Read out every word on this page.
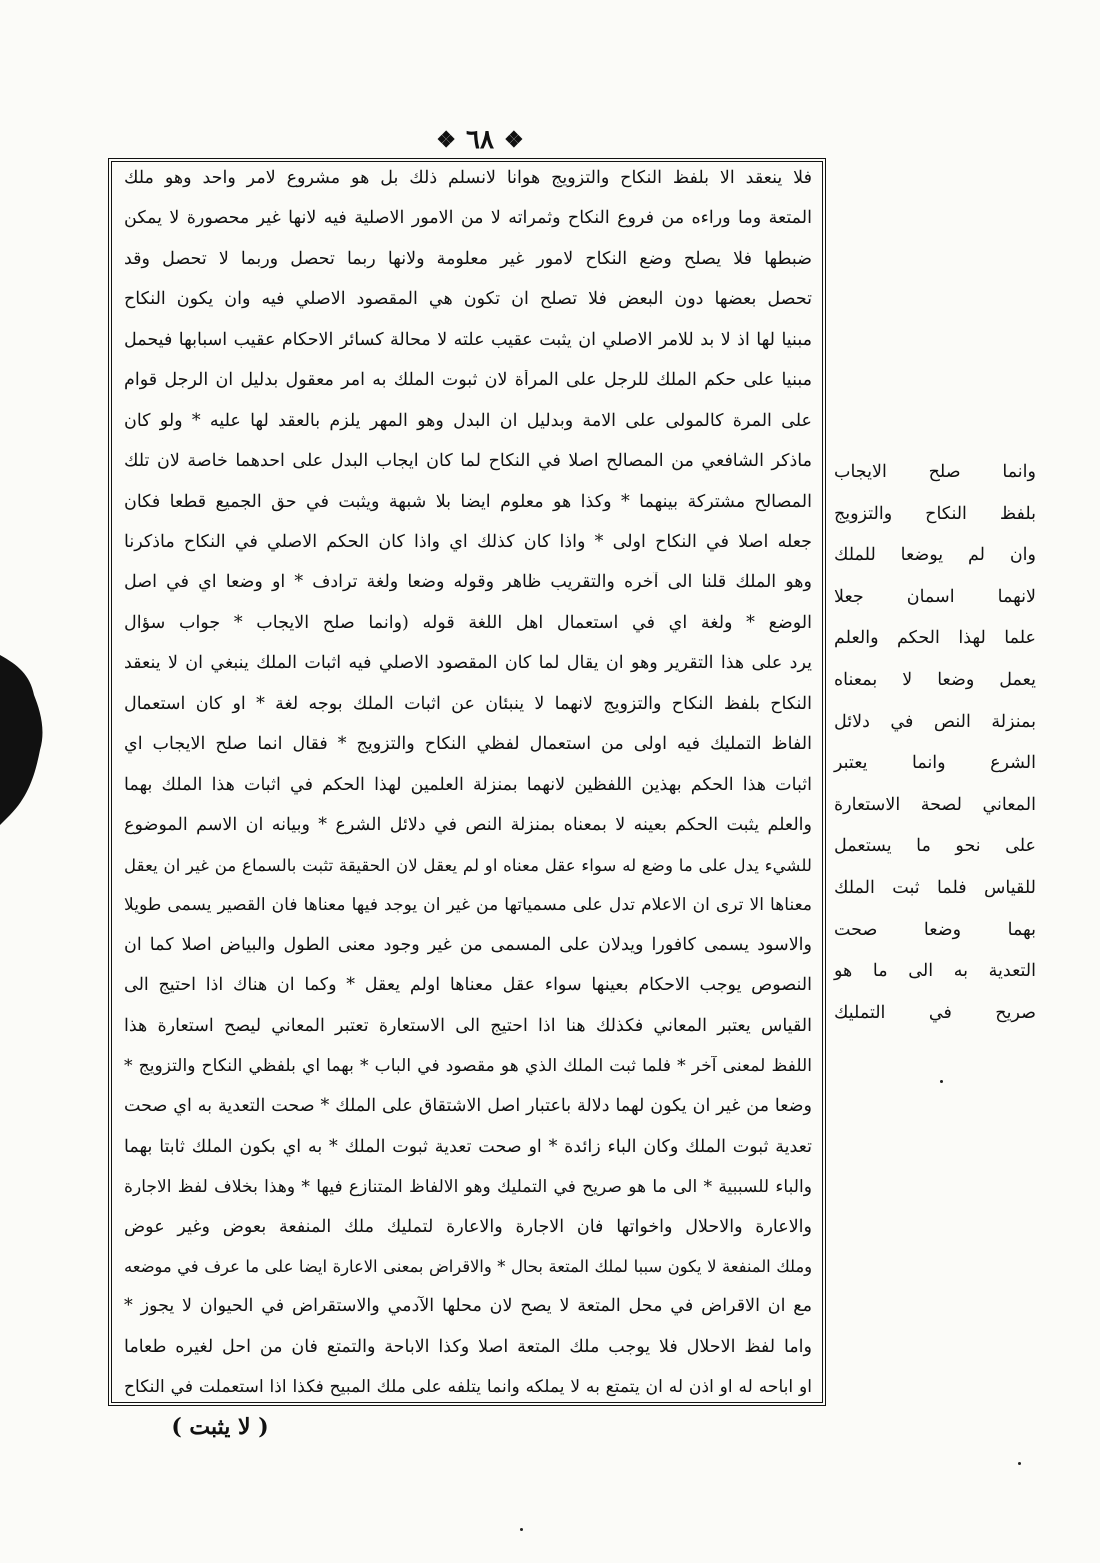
❖ ٦٨ ❖
فلا ينعقد الا بلفظ النكاح والتزويج هوانا لانسلم ذلك بل هو مشروع لامر واحد وهو ملك
المتعة وما وراءه من فروع النكاح وثمراته لا من الامور الاصلية فيه لانها غير محصورة لا يمكن
ضبطها فلا يصلح وضع النكاح لامور غير معلومة ولانها ربما تحصل وربما لا تحصل وقد
تحصل بعضها دون البعض فلا تصلح ان تكون هي المقصود الاصلي فيه وان يكون النكاح
مبنيا لها اذ لا بد للامر الاصلي ان يثبت عقيب علته لا محالة كسائر الاحكام عقيب اسبابها فيحمل
مبنيا على حكم الملك للرجل على المرأة لان ثبوت الملك به امر معقول بدليل ان الرجل قوام
على المرة كالمولى على الامة وبدليل ان البدل وهو المهر يلزم بالعقد لها عليه * ولو كان
ماذكر الشافعي من المصالح اصلا في النكاح لما كان ايجاب البدل على احدهما خاصة لان تلك
المصالح مشتركة بينهما * وكذا هو معلوم ايضا بلا شبهة ويثبت في حق الجميع قطعا فكان
جعله اصلا في النكاح اولى * واذا كان كذلك اي واذا كان الحكم الاصلي في النكاح ماذكرنا
وهو الملك قلنا الى آخره والتقريب ظاهر وقوله وضعا ولغة ترادف * او وضعا اي في اصل
الوضع * ولغة اي في استعمال اهل اللغة قوله (وانما صلح الايجاب * جواب سؤال
يرد على هذا التقرير وهو ان يقال لما كان المقصود الاصلي فيه اثبات الملك ينبغي ان لا ينعقد
النكاح بلفظ النكاح والتزويج لانهما لا ينبئان عن اثبات الملك بوجه لغة * او كان استعمال
الفاظ التمليك فيه اولى من استعمال لفظي النكاح والتزويج * فقال انما صلح الايجاب اي
اثبات هذا الحكم بهذين اللفظين لانهما بمنزلة العلمين لهذا الحكم في اثبات هذا الملك بهما
والعلم يثبت الحكم بعينه لا بمعناه بمنزلة النص في دلائل الشرع * وبيانه ان الاسم الموضوع
للشيء يدل على ما وضع له سواء عقل معناه او لم يعقل لان الحقيقة تثبت بالسماع من غير ان يعقل
معناها الا ترى ان الاعلام تدل على مسمياتها من غير ان يوجد فيها معناها فان القصير يسمى طويلا
والاسود يسمى كافورا ويدلان على المسمى من غير وجود معنى الطول والبياض اصلا كما ان
النصوص يوجب الاحكام بعينها سواء عقل معناها اولم يعقل * وكما ان هناك اذا احتيج الى
القياس يعتبر المعاني فكذلك هنا اذا احتيج الى الاستعارة تعتبر المعاني ليصح استعارة هذا
اللفظ لمعنى آخر * فلما ثبت الملك الذي هو مقصود في الباب * بهما اي بلفظي النكاح والتزويج *
وضعا من غير ان يكون لهما دلالة باعتبار اصل الاشتقاق على الملك * صحت التعدية به اي صحت
تعدية ثبوت الملك وكان الباء زائدة * او صحت تعدية ثبوت الملك * به اي بكون الملك ثابتا بهما
والباء للسببية * الى ما هو صريح في التمليك وهو الالفاظ المتنازع فيها * وهذا بخلاف لفظ الاجارة
والاعارة والاحلال واخواتها فان الاجارة والاعارة لتمليك ملك المنفعة بعوض وغير عوض
وملك المنفعة لا يكون سببا لملك المتعة بحال * والاقراض بمعنى الاعارة ايضا على ما عرف في موضعه
مع ان الاقراض في محل المتعة لا يصح لان محلها الآدمي والاستقراض في الحيوان لا يجوز *
واما لفظ الاحلال فلا يوجب ملك المتعة اصلا وكذا الاباحة والتمتع فان من احل لغيره طعاما
او اباحه له او اذن له ان يتمتع به لا يملكه وانما يتلفه على ملك المبيح فكذا اذا استعملت في النكاح
وانما صلح الايجاب
بلفظ النكاح والتزويج
وان لم يوضعا للملك
لانهما اسمان جعلا
علما لهذا الحكم والعلم
يعمل وضعا لا بمعناه
بمنزلة النص في دلائل
الشرع وانما يعتبر
المعاني لصحة الاستعارة
على نحو ما يستعمل
للقياس فلما ثبت الملك
بهما وضعا صحت
التعدية به الى ما هو
صريح في التمليك
( لا يثبت )
